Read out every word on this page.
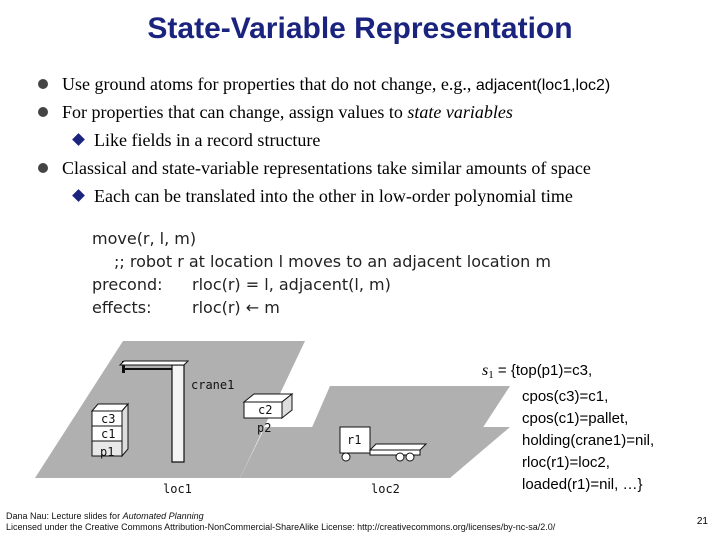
State-Variable Representation
Use ground atoms for properties that do not change, e.g., adjacent(loc1,loc2)
For properties that can change, assign values to state variables
Like fields in a record structure
Classical and state-variable representations take similar amounts of space
Each can be translated into the other in low-order polynomial time
move(r, l, m)
;; robot r at location l moves to an adjacent location m
precond: rloc(r) = l, adjacent(l, m)
effects:	rloc(r) ← m
crane1
c3
c1
p1
c2
p2
r1
loc1	loc2
$s_1 = \{top(p1)=c3$,
cpos(c3)=c1,
cpos(c1)=pallet,
holding(crane1)=nil,
rloc(r1)=loc2,
loaded(r1)=nil, …}
Dana Nau: Lecture slides for Automated Planning
Licensed under the Creative Commons Attribution-NonCommercial-ShareAlike License: http://creativecommons.org/licenses/by-nc-sa/2.0/	21
